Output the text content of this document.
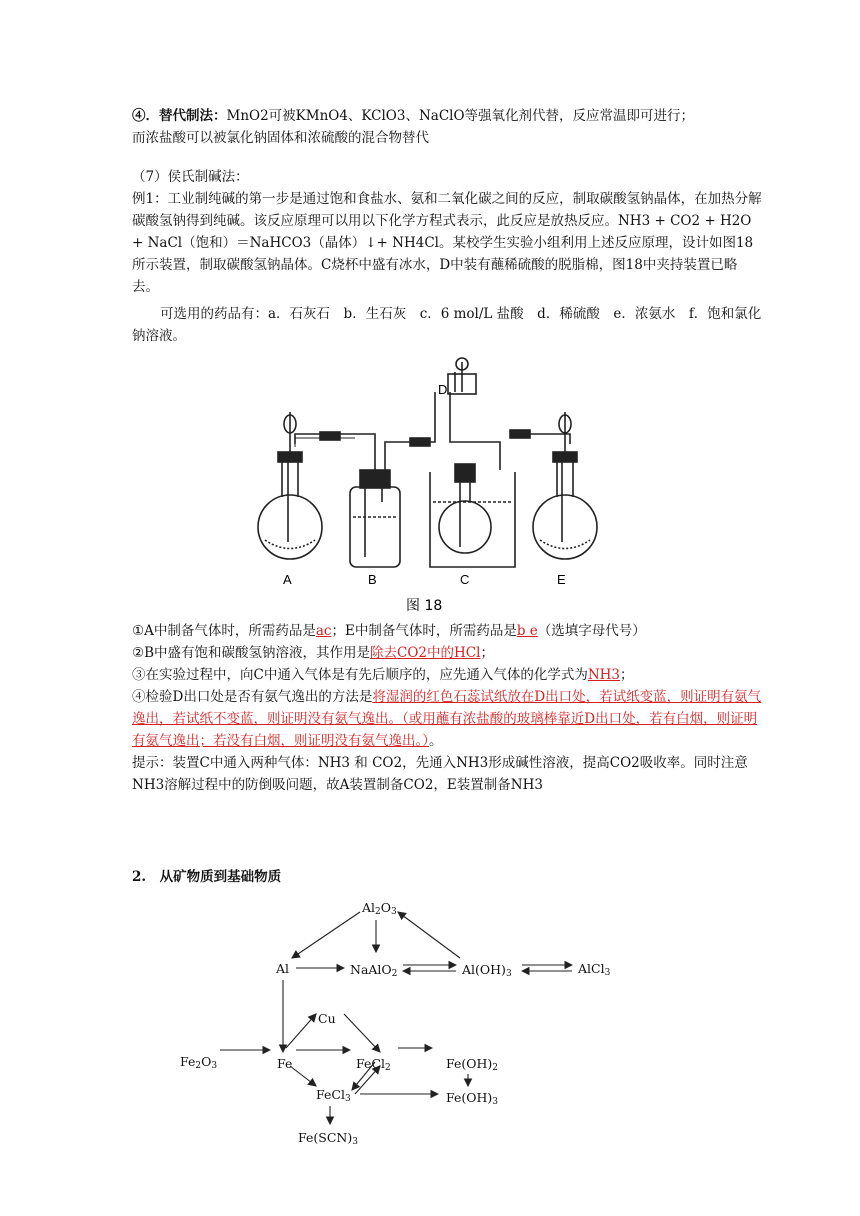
④．替代制法：MnO2可被KMnO4、KClO3、NaClO等强氧化剂代替，反应常温即可进行；
而浓盐酸可以被氯化钠固体和浓硫酸的混合物替代
（7）侯氏制碱法：
例1：工业制纯碱的第一步是通过饱和食盐水、氨和二氧化碳之间的反应，制取碳酸氢钠晶体，在加热分解碳酸氢钠得到纯碱。该反应原理可以用以下化学方程式表示，此反应是放热反应。NH3 + CO2 + H2O + NaCl（饱和）＝NaHCO3（晶体）↓+ NH4Cl。某校学生实验小组利用上述反应原理，设计如图18所示装置，制取碳酸氢钠晶体。C烧杯中盛有冰水，D中装有蘸稀硫酸的脱脂棉，图18中夹持装置已略去。
可选用的药品有：a．石灰石　b．生石灰　c．6 mol/L 盐酸　d．稀硫酸　e．浓氨水　f．饱和氯化钠溶液。
D
A	B	C	E
图 18
①A中制备气体时，所需药品是ac；E中制备气体时，所需药品是b e（选填字母代号）
②B中盛有饱和碳酸氢钠溶液，其作用是除去CO2中的HCl；
③在实验过程中，向C中通入气体是有先后顺序的，应先通入气体的化学式为NH3；
④检验D出口处是否有氨气逸出的方法是将湿润的红色石蕊试纸放在D出口处，若试纸变蓝，则证明有氨气逸出，若试纸不变蓝，则证明没有氨气逸出。（或用蘸有浓盐酸的玻璃棒靠近D出口处，若有白烟，则证明有氨气逸出；若没有白烟，则证明没有氨气逸出。）。
提示：装置C中通入两种气体：NH3 和 CO2，先通入NH3形成碱性溶液，提高CO2吸收率。同时注意NH3溶解过程中的防倒吸问题，故A装置制备CO2，E装置制备NH3
2.　从矿物质到基础物质
$Al_2O_3$
Al	NaAlO$_2$	$Al(OH)_3$	AlCl$_3$
Cu
$Fe_2O_3$	Fe	FeCl$_2$	$Fe(OH)_2$
FeCl$_3$	$Fe(OH)_3$
$Fe(SCN)_3$
